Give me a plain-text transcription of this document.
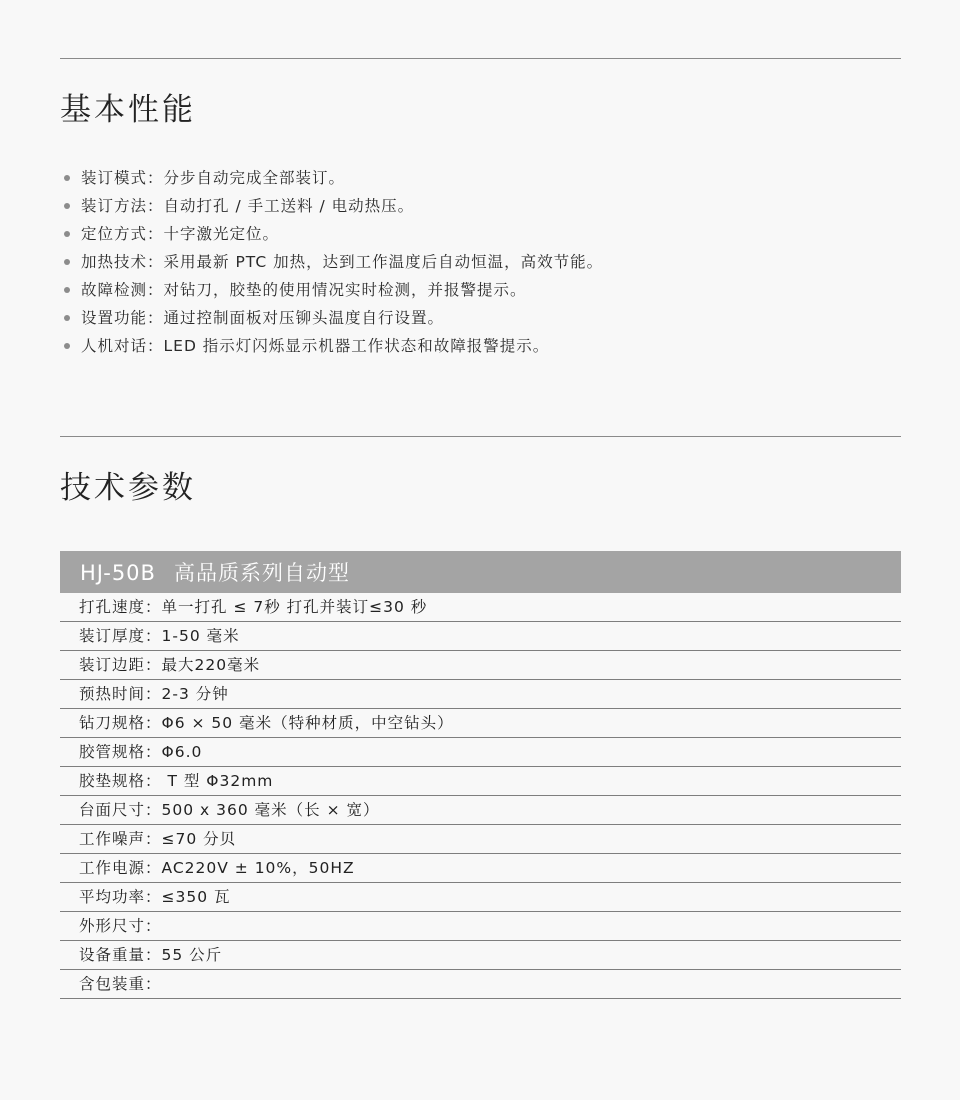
基本性能
装订模式：分步自动完成全部装订。
装订方法：自动打孔 / 手工送料 / 电动热压。
定位方式：十字激光定位。
加热技术：采用最新 PTC 加热，达到工作温度后自动恒温，高效节能。
故障检测：对钻刀，胶垫的使用情况实时检测，并报警提示。
设置功能：通过控制面板对压铆头温度自行设置。
人机对话：LED 指示灯闪烁显示机器工作状态和故障报警提示。
技术参数
HJ-50B 高品质系列自动型
打孔速度：单一打孔 ≤ 7秒 打孔并装订≤30 秒
装订厚度：1-50 毫米
装订边距：最大220毫米
预热时间：2-3 分钟
钻刀规格：Φ6 × 50 毫米（特种材质，中空钻头）
胶管规格：Φ6.0
胶垫规格： T 型 Φ32mm
台面尺寸：500 x 360 毫米（长 × 宽）
工作噪声：≤70 分贝
工作电源：AC220V ± 10%，50HZ
平均功率：≤350 瓦
外形尺寸：
设备重量：55 公斤
含包装重：
